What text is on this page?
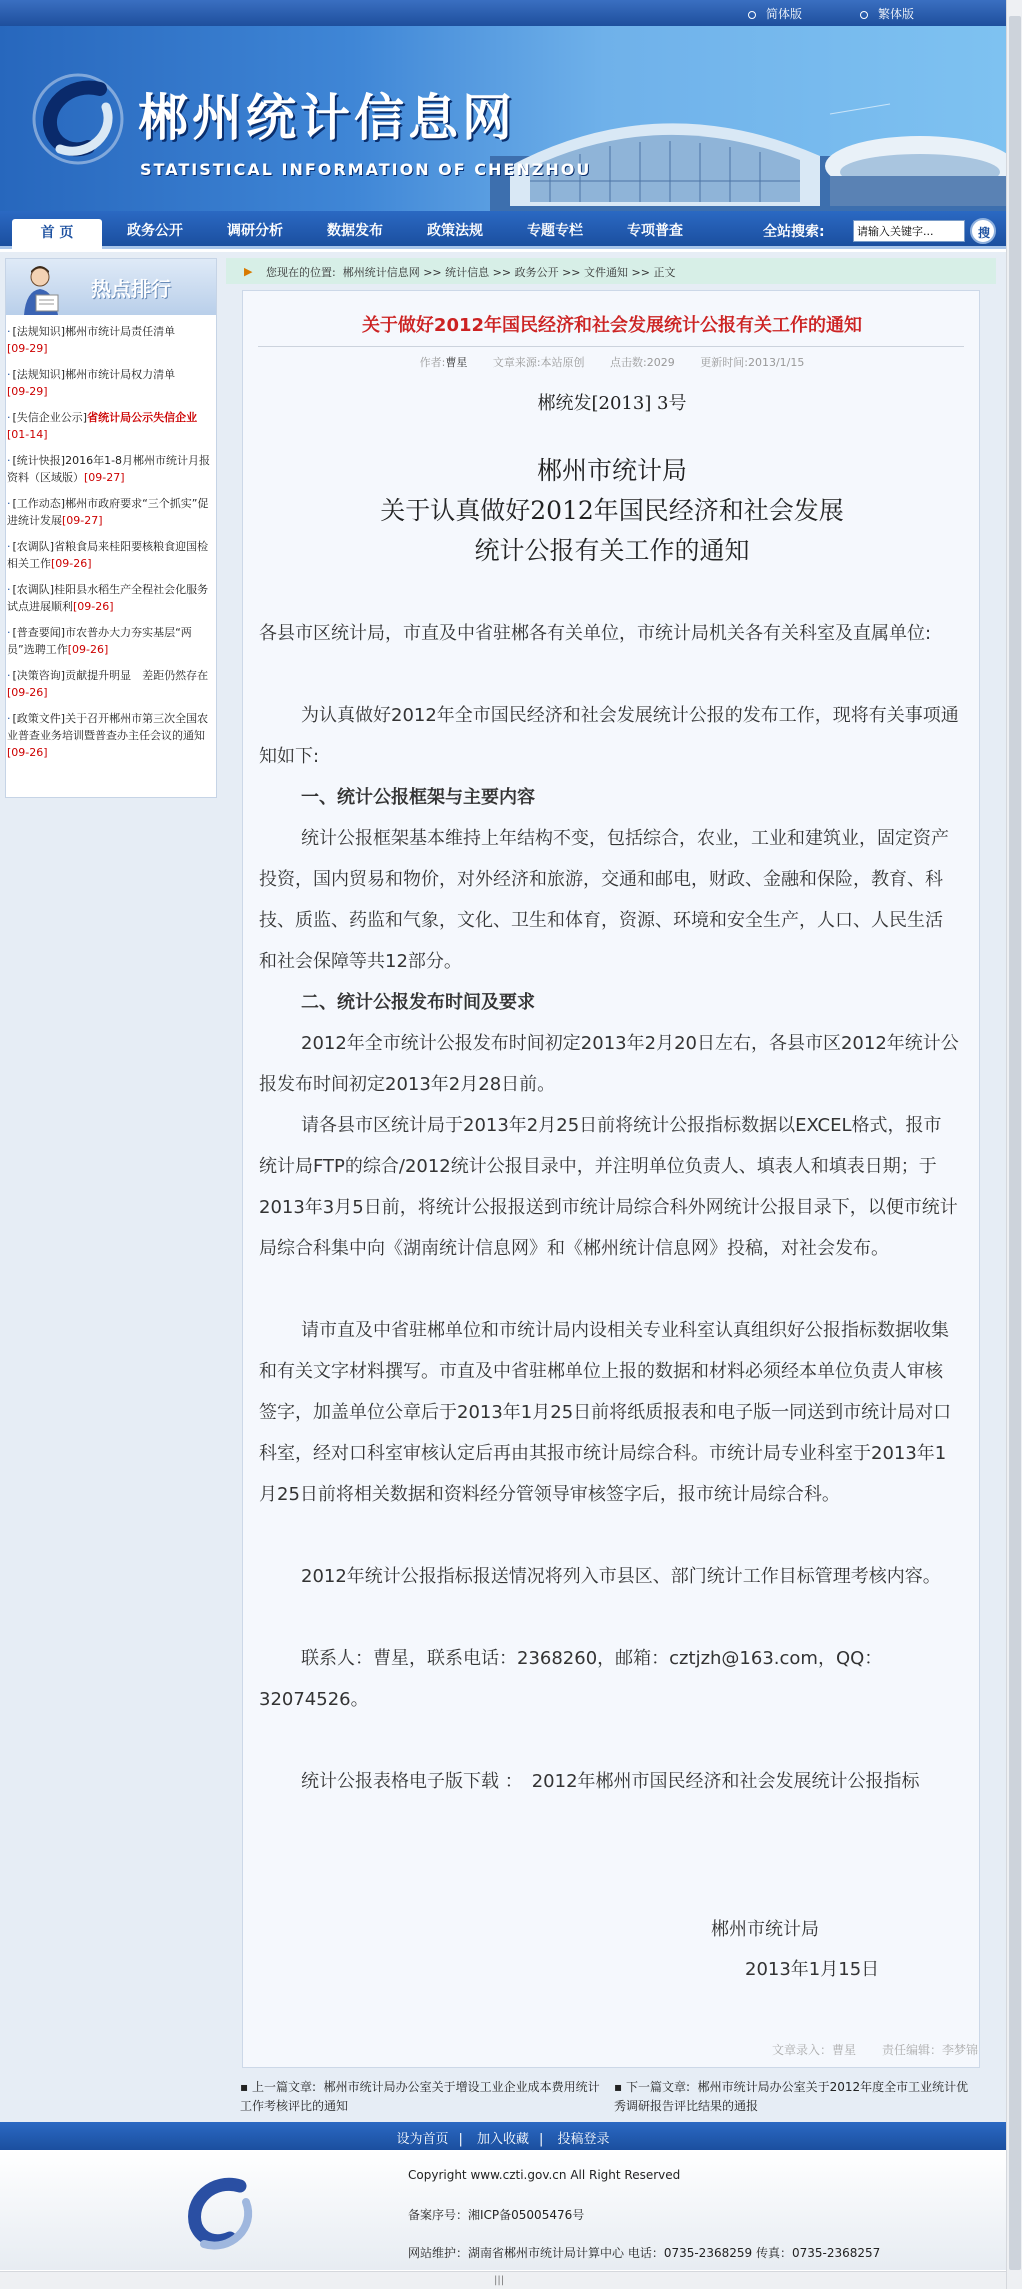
简体版	繁体版
郴州统计信息网
STATISTICAL INFORMATION OF CHENZHOU
首 页	政务公开	调研分析	数据发布	政策法规	专题专栏	专项普查	全站搜索:
请输入关键字...	搜
热点排行
· [法规知识]郴州市统计局责任清单
[09-29]
· [法规知识]郴州市统计局权力清单
[09-29]
· [失信企业公示]省统计局公示失信企业[01-14]
· [统计快报]2016年1-8月郴州市统计月报资料（区域版）[09-27]
· [工作动态]郴州市政府要求“三个抓实”促进统计发展[09-27]
· [农调队]省粮食局来桂阳要核粮食迎国检相关工作[09-26]
· [农调队]桂阳县水稻生产全程社会化服务试点进展顺利[09-26]
· [普查要闻]市农普办大力夯实基层“两员”选聘工作[09-26]
· [决策咨询]贡献提升明显　差距仍然存在[09-26]
· [政策文件]关于召开郴州市第三次全国农业普查业务培训暨普查办主任会议的通知[09-26]
▶ 您现在的位置: 郴州统计信息网 >> 统计信息 >> 政务公开 >> 文件通知 >> 正文
关于做好2012年国民经济和社会发展统计公报有关工作的通知
作者:曹星 文章来源:本站原创 点击数:2029 更新时间:2013/1/15
郴统发[2013] 3号
郴州市统计局
关于认真做好2012年国民经济和社会发展
统计公报有关工作的通知
各县市区统计局，市直及中省驻郴各有关单位，市统计局机关各有关科室及直属单位:
为认真做好2012年全市国民经济和社会发展统计公报的发布工作，现将有关事项通知如下:
一、统计公报框架与主要内容
统计公报框架基本维持上年结构不变，包括综合，农业，工业和建筑业，固定资产投资，国内贸易和物价，对外经济和旅游，交通和邮电，财政、金融和保险，教育、科技、质监、药监和气象，文化、卫生和体育，资源、环境和安全生产，人口、人民生活和社会保障等共12部分。
二、统计公报发布时间及要求
2012年全市统计公报发布时间初定2013年2月20日左右，各县市区2012年统计公报发布时间初定2013年2月28日前。
请各县市区统计局于2013年2月25日前将统计公报指标数据以EXCEL格式，报市统计局FTP的综合/2012统计公报目录中，并注明单位负责人、填表人和填表日期；于2013年3月5日前，将统计公报报送到市统计局综合科外网统计公报目录下，以便市统计局综合科集中向《湖南统计信息网》和《郴州统计信息网》投稿，对社会发布。
请市直及中省驻郴单位和市统计局内设相关专业科室认真组织好公报指标数据收集和有关文字材料撰写。市直及中省驻郴单位上报的数据和材料必须经本单位负责人审核签字，加盖单位公章后于2013年1月25日前将纸质报表和电子版一同送到市统计局对口科室，经对口科室审核认定后再由其报市统计局综合科。市统计局专业科室于2013年1月25日前将相关数据和资料经分管领导审核签字后，报市统计局综合科。
2012年统计公报指标报送情况将列入市县区、部门统计工作目标管理考核内容。
联系人：曹星，联系电话：2368260，邮箱：cztjzh@163.com，QQ：32074526。
统计公报表格电子版下载 ：　2012年郴州市国民经济和社会发展统计公报指标
郴州市统计局
2013年1月15日
文章录入：曹星 责任编辑：李梦锦
▪ 上一篇文章: 郴州市统计局办公室关于增设工业企业成本费用统计工作考核评比的通知
▪ 下一篇文章: 郴州市统计局办公室关于2012年度全市工业统计优秀调研报告评比结果的通报
设为首页 | 加入收藏 | 投稿登录
Copyright www.czti.gov.cn All Right Reserved
备案序号：湘ICP备05005476号
网站维护：湖南省郴州市统计局计算中心 电话：0735-2368259 传真：0735-2368257
|||
